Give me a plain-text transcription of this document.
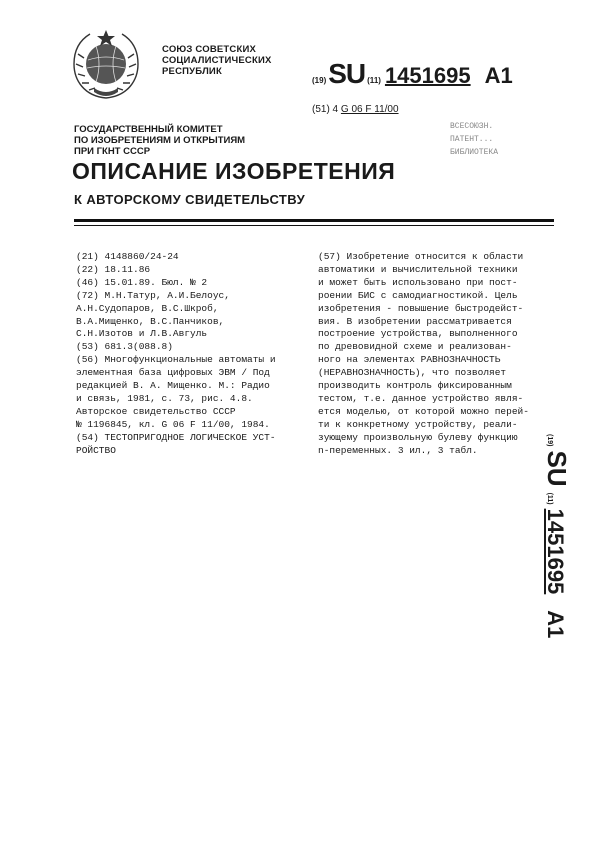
СОЮЗ СОВЕТСКИХ
СОЦИАЛИСТИЧЕСКИХ
РЕСПУБЛИК
(19) SU (11) 1451695 A1
(51) 4 G 06 F 11/00
ВСЕСОЮЗН.
ПАТЕНТ...
БИБЛИОТЕКА
ГОСУДАРСТВЕННЫЙ КОМИТЕТ
ПО ИЗОБРЕТЕНИЯМ И ОТКРЫТИЯМ
ПРИ ГКНТ СССР
ОПИСАНИЕ ИЗОБРЕТЕНИЯ
К АВТОРСКОМУ СВИДЕТЕЛЬСТВУ
(21) 4148860/24-24
(22) 18.11.86
(46) 15.01.89. Бюл. № 2
(72) М.Н.Татур, А.И.Белоус,
А.Н.Судопаров, В.С.Шкроб,
В.А.Мищенко, В.С.Панчиков,
С.Н.Изотов и Л.В.Авгуль
(53) 681.3(088.8)
(56) Многофункциональные автоматы и
элементная база цифровых ЭВМ / Под
редакцией В. А. Мищенко. М.: Радио
и связь, 1981, с. 73, рис. 4.8.
Авторское свидетельство СССР
№ 1196845, кл. G 06 F 11/00, 1984.
(54) ТЕСТОПРИГОДНОЕ ЛОГИЧЕСКОЕ УСТ-
РОЙСТВО
(57) Изобретение относится к области
автоматики и вычислительной техники
и может быть использовано при пост-
роении БИС с самодиагностикой. Цель
изобретения - повышение быстродейст-
вия. В изобретении рассматривается
построение устройства, выполненного
по древовидной схеме и реализован-
ного на элементах РАВНОЗНАЧНОСТЬ
(НЕРАВНОЗНАЧНОСТЬ), что позволяет
производить контроль фиксированным
тестом, т.е. данное устройство явля-
ется моделью, от которой можно перей-
ти к конкретному устройству, реали-
зующему произвольную булеву функцию
n-переменных. 3 ил., 3 табл.
(19)
SU
(11)
1451695
A1
